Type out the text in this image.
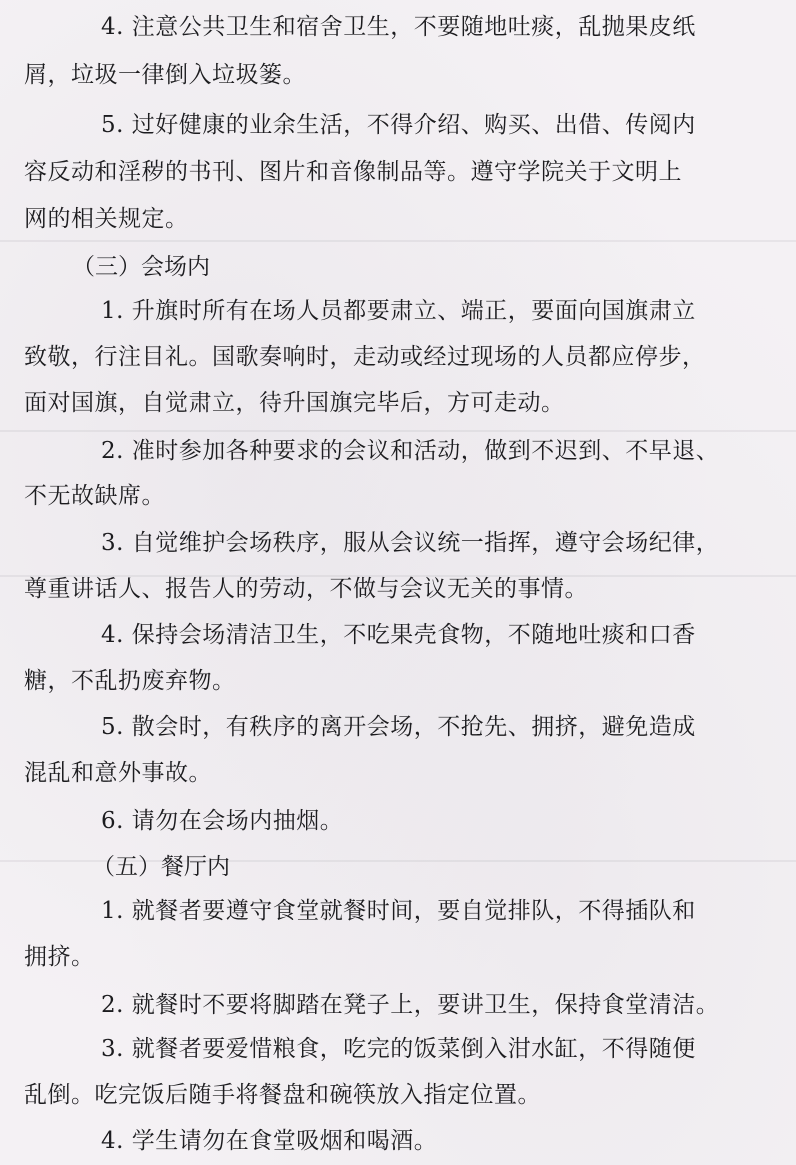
4. 注意公共卫生和宿舍卫生，不要随地吐痰，乱抛果皮纸
屑，垃圾一律倒入垃圾篓。
5. 过好健康的业余生活，不得介绍、购买、出借、传阅内
容反动和淫秽的书刊、图片和音像制品等。遵守学院关于文明上
网的相关规定。
（三）会场内
1. 升旗时所有在场人员都要肃立、端正，要面向国旗肃立
致敬，行注目礼。国歌奏响时，走动或经过现场的人员都应停步，
面对国旗，自觉肃立，待升国旗完毕后，方可走动。
2. 准时参加各种要求的会议和活动，做到不迟到、不早退、
不无故缺席。
3. 自觉维护会场秩序，服从会议统一指挥，遵守会场纪律，
尊重讲话人、报告人的劳动，不做与会议无关的事情。
4. 保持会场清洁卫生，不吃果壳食物，不随地吐痰和口香
糖，不乱扔废弃物。
5. 散会时，有秩序的离开会场，不抢先、拥挤，避免造成
混乱和意外事故。
6. 请勿在会场内抽烟。
（五）餐厅内
1. 就餐者要遵守食堂就餐时间，要自觉排队，不得插队和
拥挤。
2. 就餐时不要将脚踏在凳子上，要讲卫生，保持食堂清洁。
3. 就餐者要爱惜粮食，吃完的饭菜倒入泔水缸，不得随便
乱倒。吃完饭后随手将餐盘和碗筷放入指定位置。
4. 学生请勿在食堂吸烟和喝酒。
